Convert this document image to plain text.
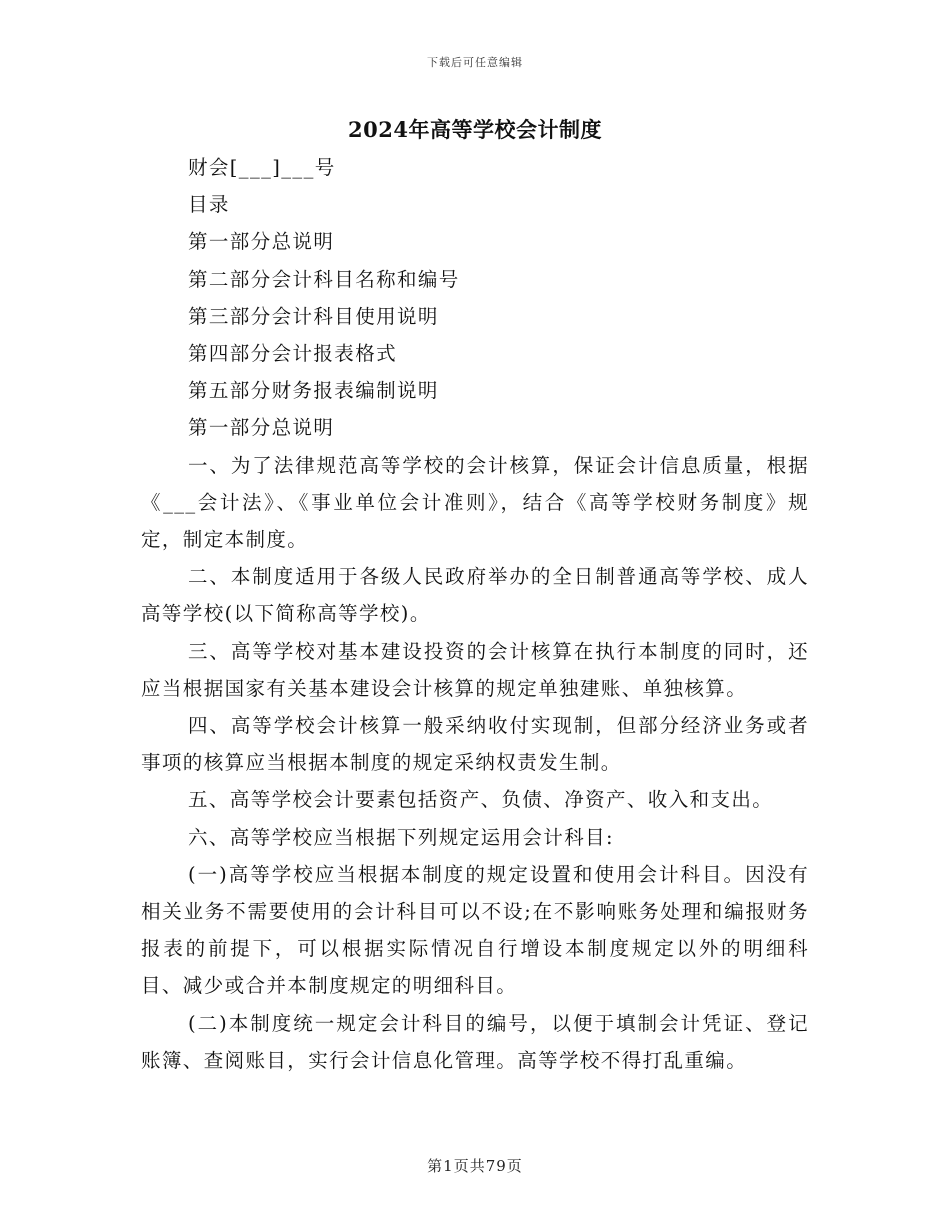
下载后可任意编辑
2024年高等学校会计制度

财会[___]___号

目录

第一部分总说明

第二部分会计科目名称和编号

第三部分会计科目使用说明

第四部分会计报表格式

第五部分财务报表编制说明

第一部分总说明

一、为了法律规范高等学校的会计核算，保证会计信息质量，根据《___会计法》、《事业单位会计准则》，结合《高等学校财务制度》规定，制定本制度。

二、本制度适用于各级人民政府举办的全日制普通高等学校、成人高等学校(以下简称高等学校)。

三、高等学校对基本建设投资的会计核算在执行本制度的同时，还应当根据国家有关基本建设会计核算的规定单独建账、单独核算。

四、高等学校会计核算一般采纳收付实现制，但部分经济业务或者事项的核算应当根据本制度的规定采纳权责发生制。

五、高等学校会计要素包括资产、负债、净资产、收入和支出。

六、高等学校应当根据下列规定运用会计科目:

(一)高等学校应当根据本制度的规定设置和使用会计科目。因没有相关业务不需要使用的会计科目可以不设;在不影响账务处理和编报财务报表的前提下，可以根据实际情况自行增设本制度规定以外的明细科目、减少或合并本制度规定的明细科目。

(二)本制度统一规定会计科目的编号，以便于填制会计凭证、登记账簿、查阅账目，实行会计信息化管理。高等学校不得打乱重编。

第1页共79页
